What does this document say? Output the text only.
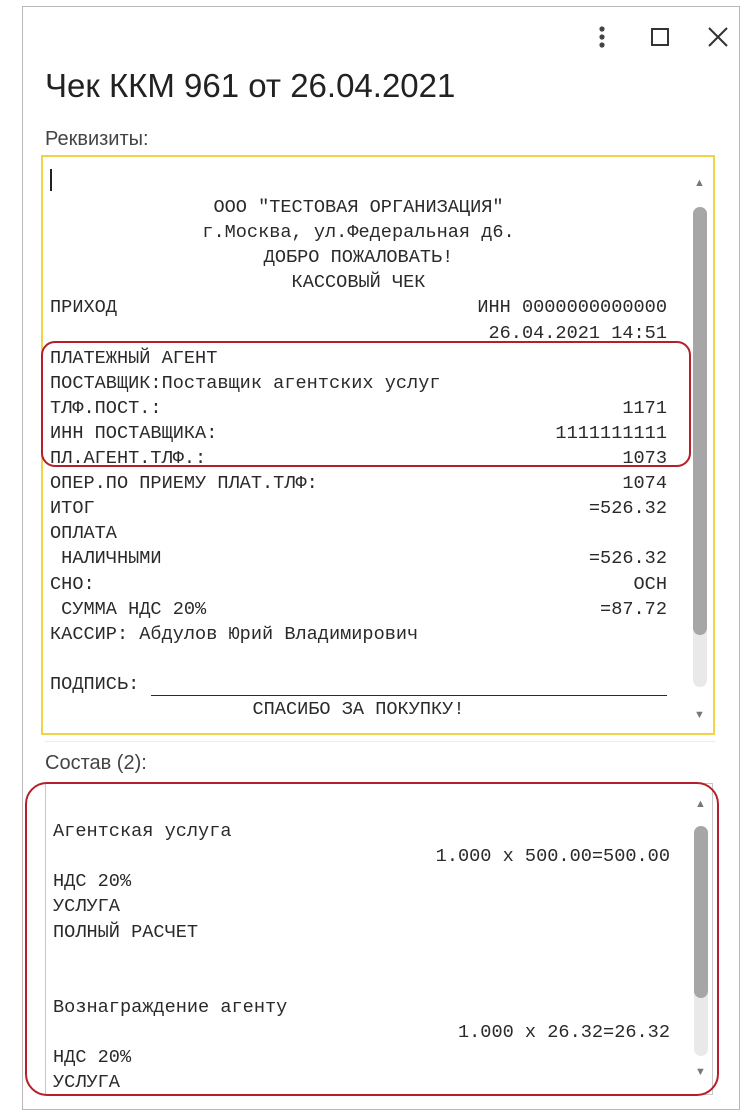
Чек ККМ 961 от 26.04.2021
Реквизиты:
ООО "ТЕСТОВАЯ ОРГАНИЗАЦИЯ"
г.Москва, ул.Федеральная д6.
ДОБРО ПОЖАЛОВАТЬ!
КАССОВЫЙ ЧЕК
ПРИХОД	ИНН 0000000000000
26.04.2021 14:51
ПЛАТЕЖНЫЙ АГЕНТ
ПОСТАВЩИК:Поставщик агентских услуг
ТЛФ.ПОСТ.:	1171
ИНН ПОСТАВЩИКА:	1111111111
ПЛ.АГЕНТ.ТЛФ.:	1073
ОПЕР.ПО ПРИЕМУ ПЛАТ.ТЛФ:	1074
ИТОГ	=526.32
ОПЛАТА
НАЛИЧНЫМИ	=526.32
СНО:	ОСН
СУММА НДС 20%	=87.72
КАССИР: Абдулов Юрий Владимирович
ПОДПИСЬ:
СПАСИБО ЗА ПОКУПКУ!
▲
▼
Состав (2):
Агентская услуга
1.000 х 500.00=500.00
НДС 20%
УСЛУГА
ПОЛНЫЙ РАСЧЕТ
Вознаграждение агенту
1.000 х 26.32=26.32
НДС 20%
УСЛУГА
▲
▼
